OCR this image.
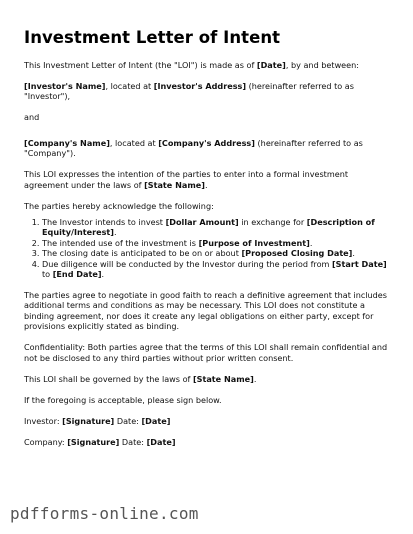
Investment Letter of Intent

This Investment Letter of Intent (the "LOI") is made as of [Date], by and between:

[Investor's Name], located at [Investor's Address] (hereinafter referred to as "Investor"),

and

[Company's Name], located at [Company's Address] (hereinafter referred to as "Company").

This LOI expresses the intention of the parties to enter into a formal investment agreement under the laws of [State Name].

The parties hereby acknowledge the following:

1. The Investor intends to invest [Dollar Amount] in exchange for [Description of Equity/Interest].
2. The intended use of the investment is [Purpose of Investment].
3. The closing date is anticipated to be on or about [Proposed Closing Date].
4. Due diligence will be conducted by the Investor during the period from [Start Date] to [End Date].

The parties agree to negotiate in good faith to reach a definitive agreement that includes additional terms and conditions as may be necessary. This LOI does not constitute a binding agreement, nor does it create any legal obligations on either party, except for provisions explicitly stated as binding.

Confidentiality: Both parties agree that the terms of this LOI shall remain confidential and not be disclosed to any third parties without prior written consent.

This LOI shall be governed by the laws of [State Name].

If the foregoing is acceptable, please sign below.

Investor: [Signature] Date: [Date]

Company: [Signature] Date: [Date]

pdfforms-online.com
